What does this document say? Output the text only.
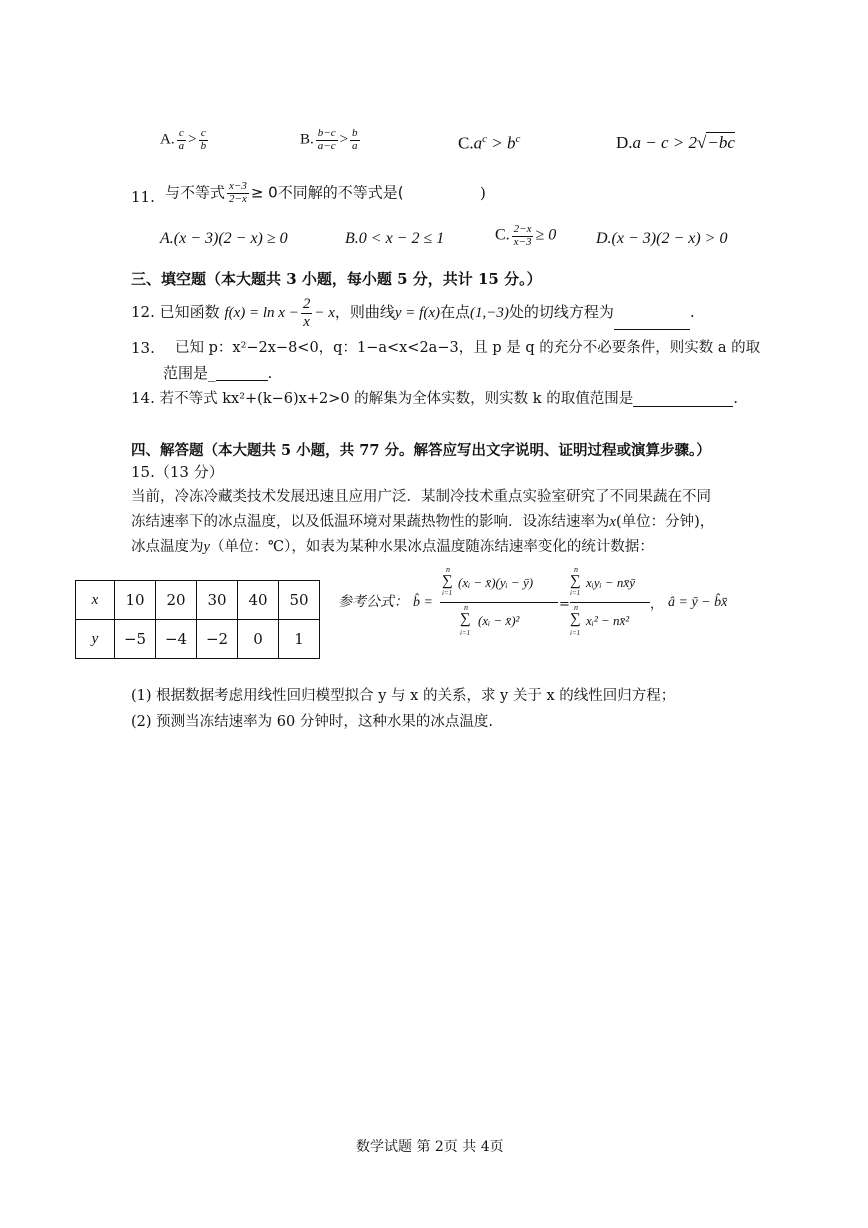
A. $\frac{c}{a} > \frac{c}{b}$	B. $\frac{b-c}{a-c} > \frac{b}{a}$	$C.a^c > b^c$	D.a − c > 2√−bc
11. 与不等式 $\frac{x-3}{2-x} \ge 0$不同解的不等式是(	)
A.(x − 3)(2 − x) ≥ 0	B.0 < x − 2 ≤ 1	C. $\frac{2-x}{x-3} \ge 0$ D.(x − 3)(2 − x) > 0
三、填空题（本大题共 3 小题，每小题 5 分，共计 15 分。）
12. 已知函数 $f(x) = \ln x - \frac{2}{x} - x$，则曲线y = f(x)在点(1,−3)处的切线方程为	.
13. 已知 p：x²−2x−8<0，q：1−a<x<2a−3，且 p 是 q 的充分不必要条件，则实数 a 的取
范围是_	.
14. 若不等式 kx²+(k−6)x+2>0 的解集为全体实数，则实数 k 的取值范围是	.
四、解答题（本大题共 5 小题，共 77 分。解答应写出文字说明、证明过程或演算步骤。）
15.（13 分）
当前，冷冻冷藏类技术发展迅速且应用广泛．某制冷技术重点实验室研究了不同果蔬在不同
冻结速率下的冰点温度，以及低温环境对果蔬热物性的影响．设冻结速率为x(单位：分钟)，
冰点温度为y（单位：℃），如表为某种水果冰点温度随冻结速率变化的统计数据：
x	10	20	30	40	50
y	−5	−4	−2	0	1
参考公式： b̂ =
∑
n
i=1
(xᵢ − x̄)(yᵢ − ȳ)
∑
n
i=1
(xᵢ − x̄)²
=
∑
n
i=1
xᵢyᵢ − nx̄ȳ
∑
n
i=1
xᵢ² − nx̄²
， â = ȳ − b̂x̄
(1) 根据数据考虑用线性回归模型拟合 y 与 x 的关系，求 y 关于 x 的线性回归方程；
(2) 预测当冻结速率为 60 分钟时，这种水果的冰点温度.
数学试题 第 2页 共 4页
